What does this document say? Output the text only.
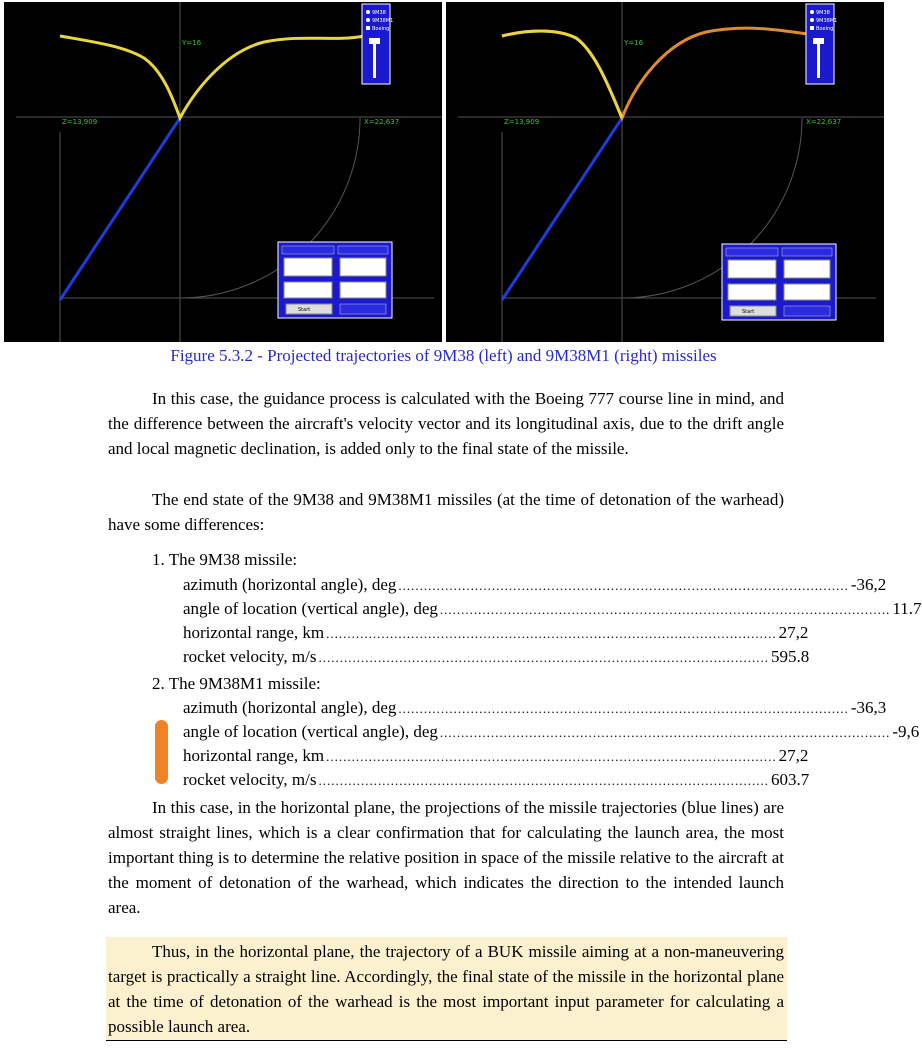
Y=16
Z=13,909	X=22,637
9M38
9M38M1
Boeing
Start
Y=16
Z=13,909	X=22,637
9M38
9M38M1
Boeing
Start
Figure 5.3.2 - Projected trajectories of 9M38 (left) and 9M38M1 (right) missiles

In this case, the guidance process is calculated with the Boeing 777 course line in mind, and the difference between the aircraft's velocity vector and its longitudinal axis, due to the drift angle and local magnetic declination, is added only to the final state of the missile.

The end state of the 9M38 and 9M38M1 missiles (at the time of detonation of the warhead) have some differences:

1. The 9M38 missile:
azimuth (horizontal angle), deg .......................................................................................................... -36,2
angle of location (vertical angle), deg .......................................................................................................... 11.7
horizontal range, km .......................................................................................................... 27,2
rocket velocity, m/s .......................................................................................................... 595.8
2. The 9M38M1 missile:
azimuth (horizontal angle), deg .......................................................................................................... -36,3
angle of location (vertical angle), deg .......................................................................................................... -9,6
horizontal range, km .......................................................................................................... 27,2
rocket velocity, m/s .......................................................................................................... 603.7

In this case, in the horizontal plane, the projections of the missile trajectories (blue lines) are almost straight lines, which is a clear confirmation that for calculating the launch area, the most important thing is to determine the relative position in space of the missile relative to the aircraft at the moment of detonation of the warhead, which indicates the direction to the intended launch area.

Thus, in the horizontal plane, the trajectory of a BUK missile aiming at a non-maneuvering target is practically a straight line. Accordingly, the final state of the missile in the horizontal plane at the time of detonation of the warhead is the most important input parameter for calculating a possible launch area.
